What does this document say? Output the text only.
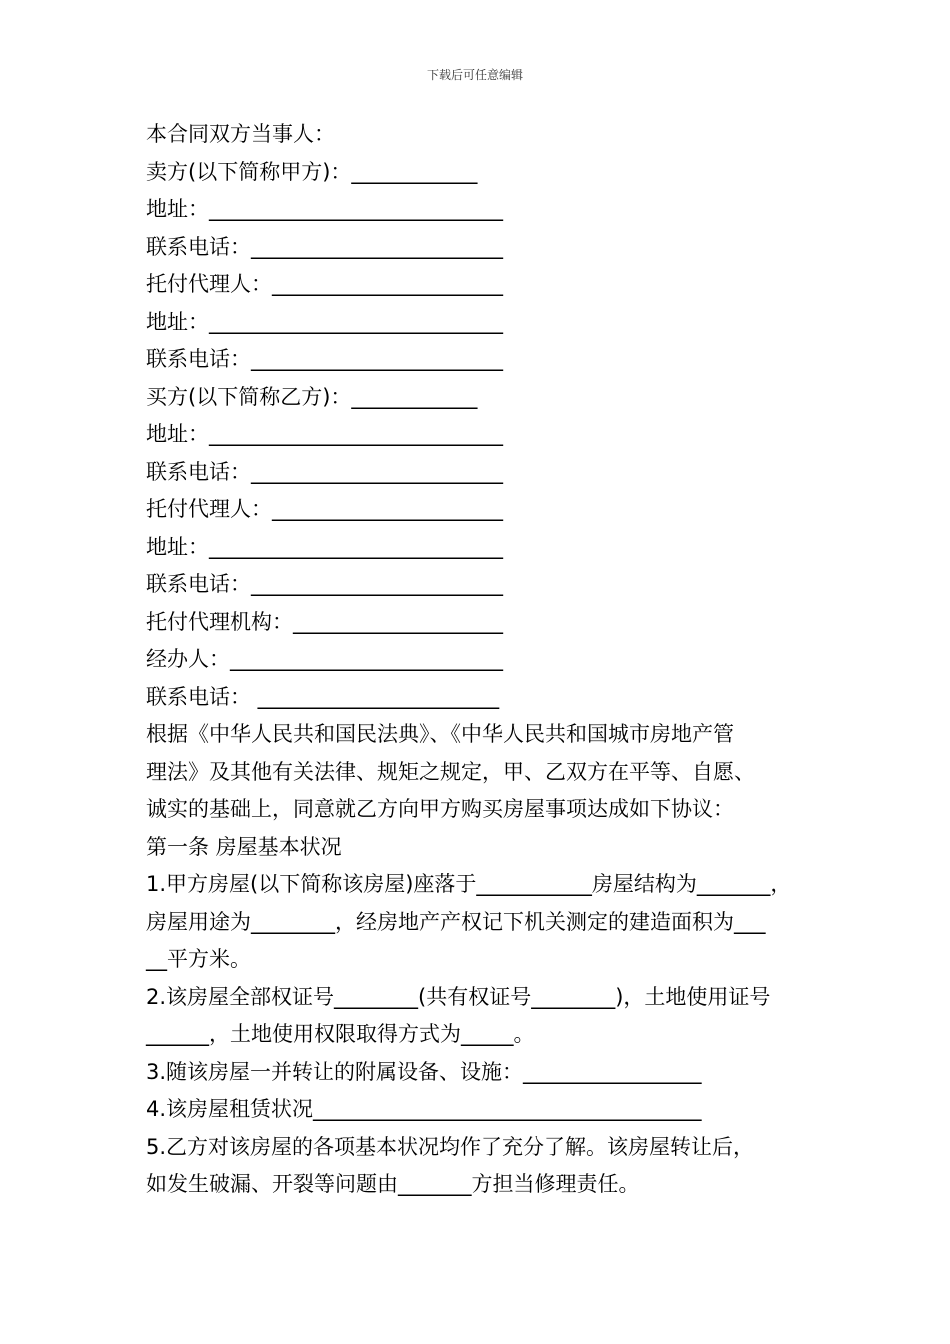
下载后可任意编辑
本合同双方当事人：
卖方(以下简称甲方)：____________
地址：____________________________
联系电话：________________________
托付代理人：______________________
地址：____________________________
联系电话：________________________
买方(以下简称乙方)：____________
地址：____________________________
联系电话：________________________
托付代理人：______________________
地址：____________________________
联系电话：________________________
托付代理机构：____________________
经办人：__________________________
联系电话： _______________________
根据《中华人民共和国民法典》、《中华人民共和国城市房地产管
理法》及其他有关法律、规矩之规定，甲、乙双方在平等、自愿、
诚实的基础上，同意就乙方向甲方购买房屋事项达成如下协议：
第一条 房屋基本状况
1.甲方房屋(以下简称该房屋)座落于___________房屋结构为_______，
房屋用途为________，经房地产产权记下机关测定的建造面积为___
__平方米。
2.该房屋全部权证号________(共有权证号________)，土地使用证号
______，土地使用权限取得方式为_____。
3.随该房屋一并转让的附属设备、设施：_________________
4.该房屋租赁状况_____________________________________
5.乙方对该房屋的各项基本状况均作了充分了解。该房屋转让后，
如发生破漏、开裂等问题由_______方担当修理责任。
